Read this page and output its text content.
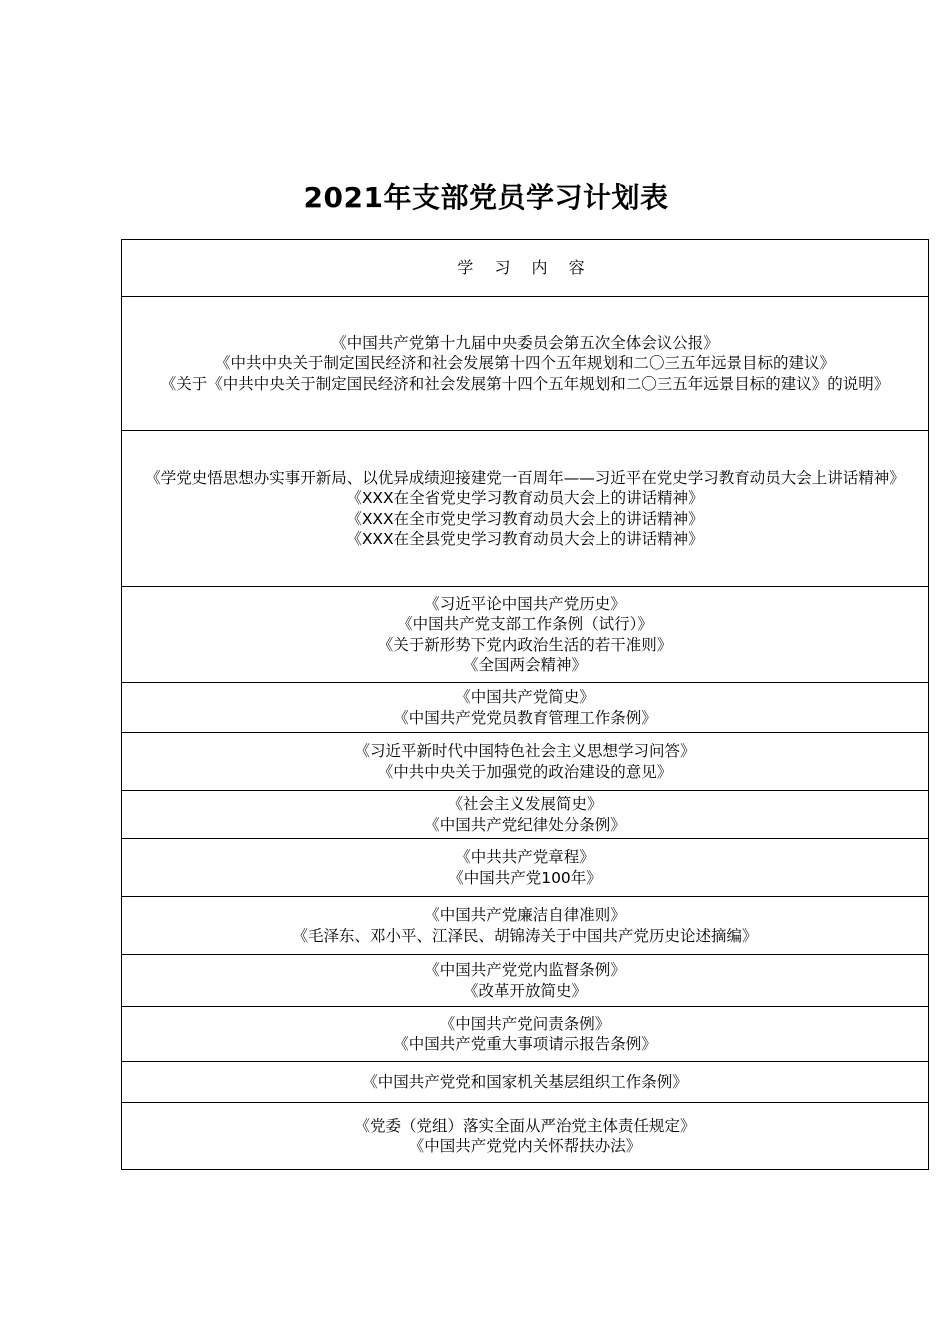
2021年支部党员学习计划表
学 习 内 容

《中国共产党第十九届中央委员会第五次全体会议公报》
《中共中央关于制定国民经济和社会发展第十四个五年规划和二〇三五年远景目标的建议》
《关于《中共中央关于制定国民经济和社会发展第十四个五年规划和二〇三五年远景目标的建议》的说明》

《学党史悟思想办实事开新局、以优异成绩迎接建党一百周年——习近平在党史学习教育动员大会上讲话精神》
《XXX在全省党史学习教育动员大会上的讲话精神》
《XXX在全市党史学习教育动员大会上的讲话精神》
《XXX在全县党史学习教育动员大会上的讲话精神》

《习近平论中国共产党历史》
《中国共产党支部工作条例（试行）》
《关于新形势下党内政治生活的若干准则》
《全国两会精神》

《中国共产党简史》
《中国共产党党员教育管理工作条例》

《习近平新时代中国特色社会主义思想学习问答》
《中共中央关于加强党的政治建设的意见》

《社会主义发展简史》
《中国共产党纪律处分条例》

《中共共产党章程》
《中国共产党100年》

《中国共产党廉洁自律准则》
《毛泽东、邓小平、江泽民、胡锦涛关于中国共产党历史论述摘编》

《中国共产党党内监督条例》
《改革开放简史》

《中国共产党问责条例》
《中国共产党重大事项请示报告条例》

《中国共产党党和国家机关基层组织工作条例》

《党委（党组）落实全面从严治党主体责任规定》
《中国共产党党内关怀帮扶办法》
